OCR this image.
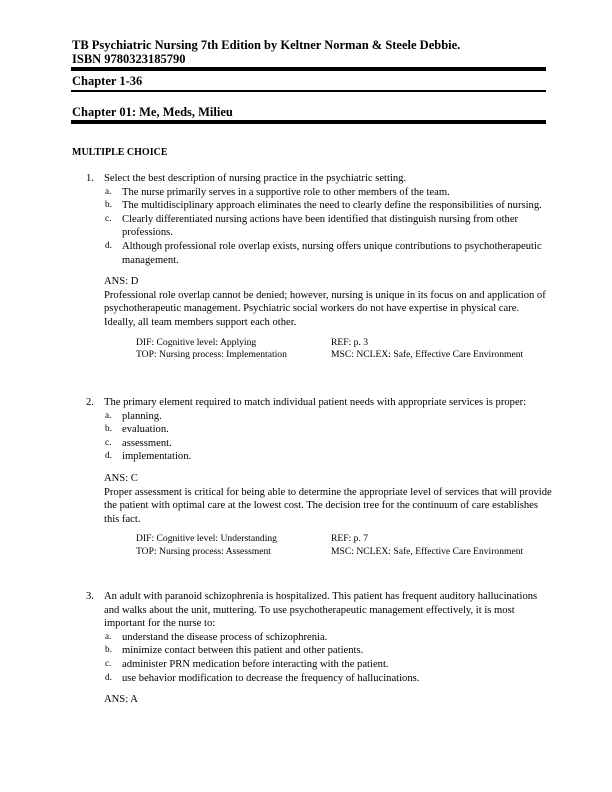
TB Psychiatric Nursing 7th Edition by Keltner Norman & Steele Debbie.
ISBN 9780323185790
Chapter 1-36
Chapter 01: Me, Meds, Milieu
MULTIPLE CHOICE
1. Select the best description of nursing practice in the psychiatric setting.
a. The nurse primarily serves in a supportive role to other members of the team.
b. The multidisciplinary approach eliminates the need to clearly define the responsibilities of nursing.
c. Clearly differentiated nursing actions have been identified that distinguish nursing from other professions.
d. Although professional role overlap exists, nursing offers unique contributions to psychotherapeutic management.
ANS: D
Professional role overlap cannot be denied; however, nursing is unique in its focus on and application of psychotherapeutic management. Psychiatric social workers do not have expertise in physical care. Ideally, all team members support each other.
DIF: Cognitive level: Applying	REF: p. 3
TOP: Nursing process: Implementation	MSC: NCLEX: Safe, Effective Care Environment
2. The primary element required to match individual patient needs with appropriate services is proper:
a. planning.
b. evaluation.
c. assessment.
d. implementation.
ANS: C
Proper assessment is critical for being able to determine the appropriate level of services that will provide the patient with optimal care at the lowest cost. The decision tree for the continuum of care establishes this fact.
DIF: Cognitive level: Understanding	REF: p. 7
TOP: Nursing process: Assessment	MSC: NCLEX: Safe, Effective Care Environment
3. An adult with paranoid schizophrenia is hospitalized. This patient has frequent auditory hallucinations and walks about the unit, muttering. To use psychotherapeutic management effectively, it is most important for the nurse to:
a. understand the disease process of schizophrenia.
b. minimize contact between this patient and other patients.
c. administer PRN medication before interacting with the patient.
d. use behavior modification to decrease the frequency of hallucinations.
ANS: A
